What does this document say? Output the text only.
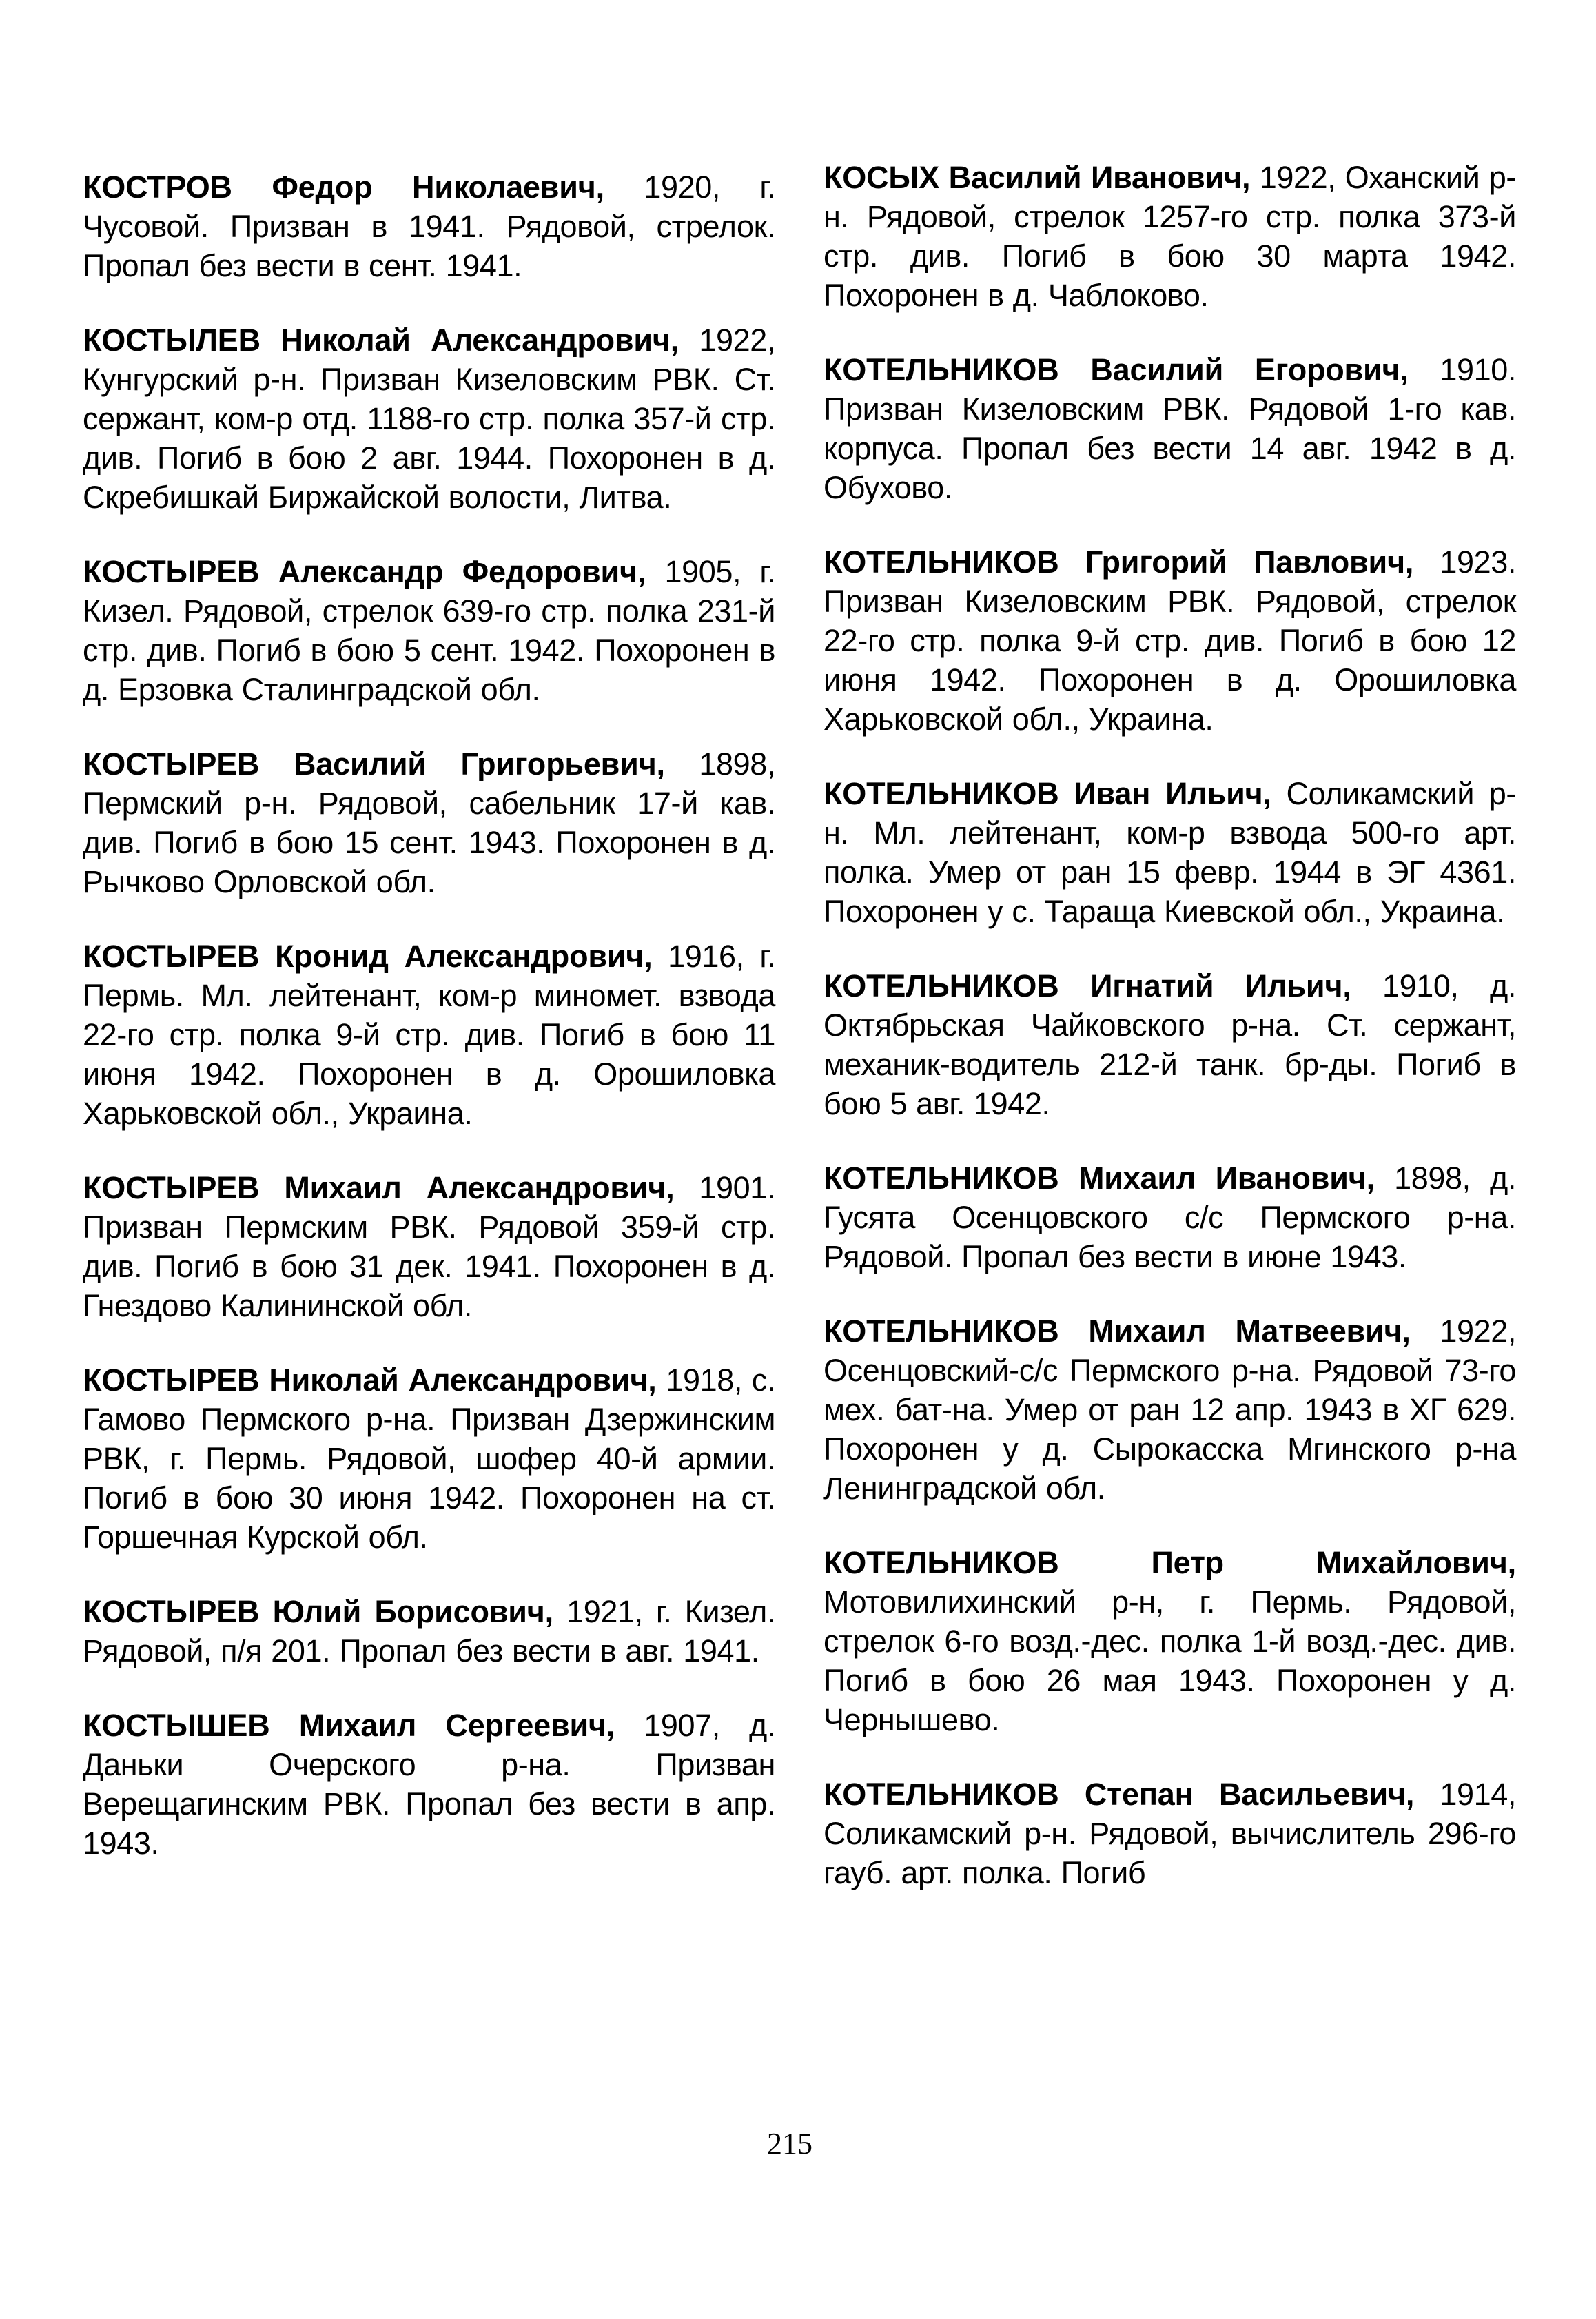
КОСТРОВ Федор Николаевич, 1920, г. Чусовой. Призван в 1941. Рядовой, стрелок. Пропал без вести в сент. 1941.

КОСТЫЛЕВ Николай Александрович, 1922, Кунгурский р-н. Призван Кизеловским РВК. Ст. сержант, ком-р отд. 1188-го стр. полка 357-й стр. див. Погиб в бою 2 авг. 1944. Похоронен в д. Скребишкай Биржайской волости, Литва.

КОСТЫРЕВ Александр Федорович, 1905, г. Кизел. Рядовой, стрелок 639-го стр. полка 231-й стр. див. Погиб в бою 5 сент. 1942. Похоронен в д. Ерзовка Сталинградской обл.

КОСТЫРЕВ Василий Григорьевич, 1898, Пермский р-н. Рядовой, сабельник 17-й кав. див. Погиб в бою 15 сент. 1943. Похоронен в д. Рычково Орловской обл.

КОСТЫРЕВ Кронид Александрович, 1916, г. Пермь. Мл. лейтенант, ком-р миномет. взвода 22-го стр. полка 9-й стр. див. Погиб в бою 11 июня 1942. Похоронен в д. Орошиловка Харьковской обл., Украина.

КОСТЫРЕВ Михаил Александрович, 1901. Призван Пермским РВК. Рядовой 359-й стр. див. Погиб в бою 31 дек. 1941. Похоронен в д. Гнездово Калининской обл.

КОСТЫРЕВ Николай Александрович, 1918, с. Гамово Пермского р-на. Призван Дзержинским РВК, г. Пермь. Рядовой, шофер 40-й армии. Погиб в бою 30 июня 1942. Похоронен на ст. Горшечная Курской обл.

КОСТЫРЕВ Юлий Борисович, 1921, г. Кизел. Рядовой, п/я 201. Пропал без вести в авг. 1941.

КОСТЫШЕВ Михаил Сергеевич, 1907, д. Даньки Очерского р-на. Призван Верещагинским РВК. Пропал без вести в апр. 1943.

КОСЫХ Василий Иванович, 1922, Оханский р-н. Рядовой, стрелок 1257-го стр. полка 373-й стр. див. Погиб в бою 30 марта 1942. Похоронен в д. Чаблоково.

КОТЕЛЬНИКОВ Василий Егорович, 1910. Призван Кизеловским РВК. Рядовой 1-го кав. корпуса. Пропал без вести 14 авг. 1942 в д. Обухово.

КОТЕЛЬНИКОВ Григорий Павлович, 1923. Призван Кизеловским РВК. Рядовой, стрелок 22-го стр. полка 9-й стр. див. Погиб в бою 12 июня 1942. Похоронен в д. Орошиловка Харьковской обл., Украина.

КОТЕЛЬНИКОВ Иван Ильич, Соликамский р-н. Мл. лейтенант, ком-р взвода 500-го арт. полка. Умер от ран 15 февр. 1944 в ЭГ 4361. Похоронен у с. Тараща Киевской обл., Украина.

КОТЕЛЬНИКОВ Игнатий Ильич, 1910, д. Октябрьская Чайковского р-на. Ст. сержант, механик-водитель 212-й танк. бр-ды. Погиб в бою 5 авг. 1942.

КОТЕЛЬНИКОВ Михаил Иванович, 1898, д. Гусята Осенцовского с/с Пермского р-на. Рядовой. Пропал без вести в июне 1943.

КОТЕЛЬНИКОВ Михаил Матвеевич, 1922, Осенцовский-с/с Пермского р-на. Рядовой 73-го мех. бат-на. Умер от ран 12 апр. 1943 в ХГ 629. Похоронен у д. Сырокасска Мгинского р-на Ленинградской обл.

КОТЕЛЬНИКОВ Петр Михайлович, Мотовилихинский р-н, г. Пермь. Рядовой, стрелок 6-го возд.-дес. полка 1-й возд.-дес. див. Погиб в бою 26 мая 1943. Похоронен у д. Чернышево.

КОТЕЛЬНИКОВ Степан Васильевич, 1914, Соликамский р-н. Рядовой, вычислитель 296-го гауб. арт. полка. Погиб

215
